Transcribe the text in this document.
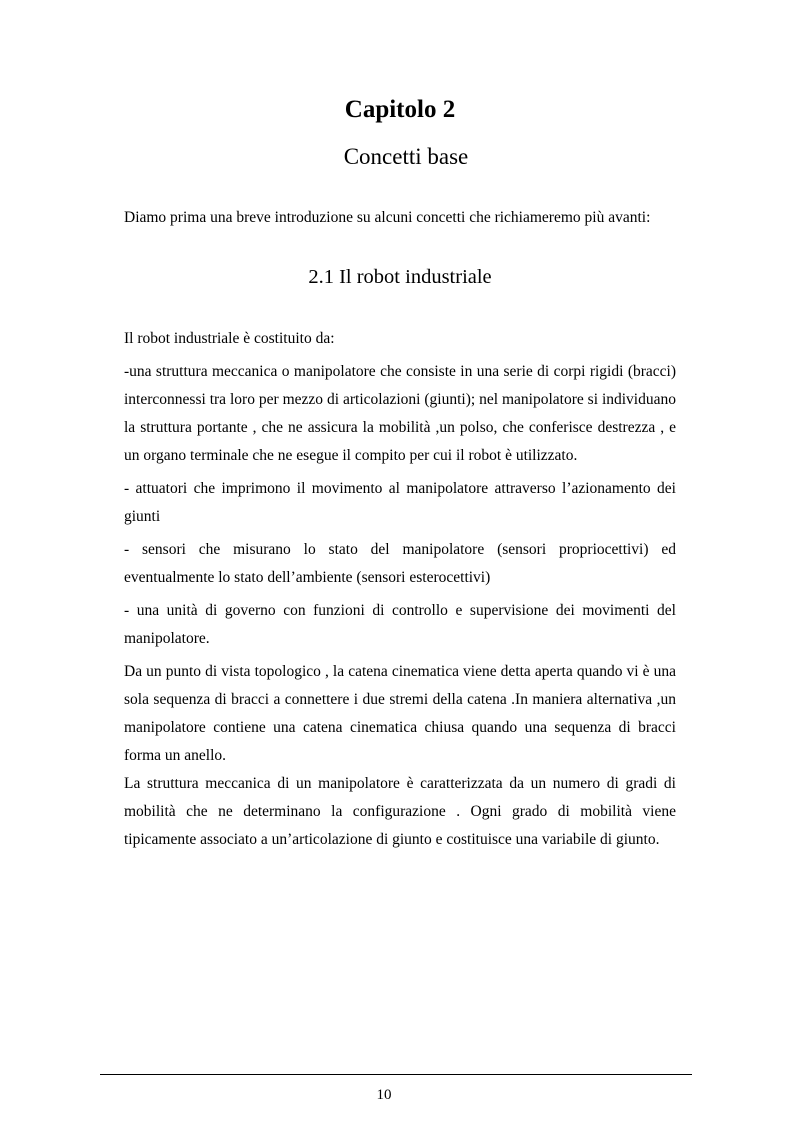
Capitolo 2
Concetti base
Diamo prima una breve introduzione su alcuni concetti che richiameremo più avanti:
2.1 Il robot industriale

Il robot industriale è costituito da:

-una struttura meccanica o manipolatore che consiste in una serie di corpi rigidi (bracci) interconnessi tra loro per mezzo di articolazioni (giunti); nel manipolatore si individuano la struttura portante , che ne assicura la mobilità ,un polso, che conferisce destrezza , e un organo terminale che ne esegue il compito per cui il robot è utilizzato.

- attuatori che imprimono il movimento al manipolatore attraverso l’azionamento dei giunti

- sensori che misurano lo stato del manipolatore (sensori propriocettivi) ed eventualmente lo stato dell’ambiente (sensori esterocettivi)

- una unità di governo con funzioni di controllo e supervisione dei movimenti del manipolatore.

Da un punto di vista topologico , la catena cinematica viene detta aperta quando vi è una sola sequenza di bracci a connettere i due stremi della catena .In maniera alternativa ,un manipolatore contiene una catena cinematica chiusa quando una sequenza di bracci forma un anello.

La struttura meccanica di un manipolatore è caratterizzata da un numero di gradi di mobilità che ne determinano la configurazione . Ogni grado di mobilità viene tipicamente associato a un’articolazione di giunto e costituisce una variabile di giunto.

10
